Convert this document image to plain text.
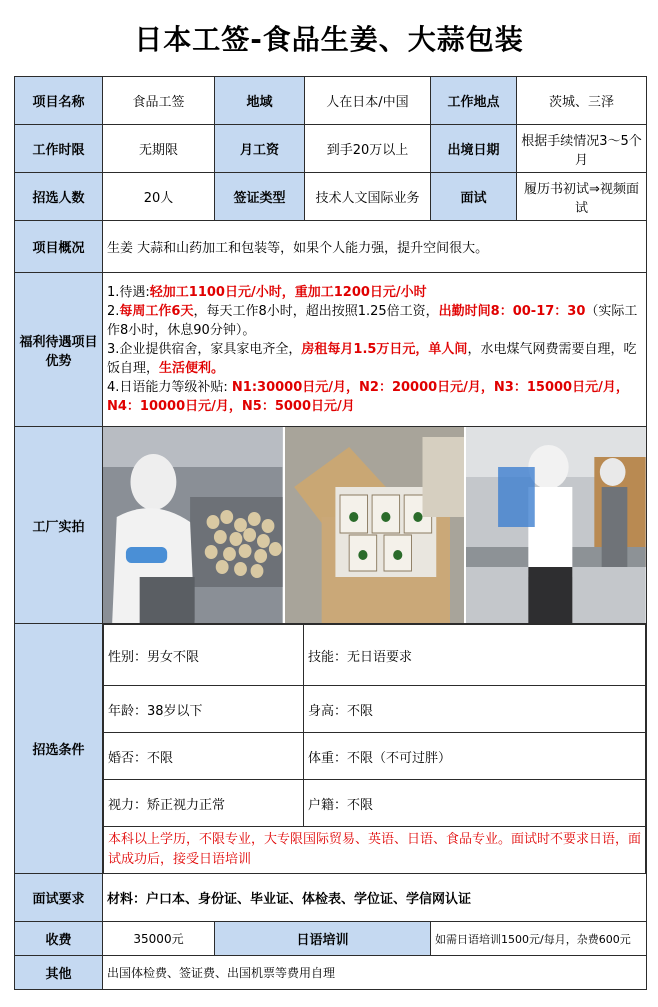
日本工签-食品生姜、大蒜包装
项目名称	食品工签	地域	人在日本/中国	工作地点	茨城、三泽
工作时限	无期限	月工资	到手20万以上	出境日期	根据手续情况3～5个月
招选人数	20人	签证类型	技术人文国际业务	面试	履历书初试⇒视频面试
项目概况	生姜 大蒜和山药加工和包装等，如果个人能力强，提升空间很大。
福利待遇项目优势	
1.待遇:轻加工1100日元/小时，重加工1200日元/小时
2.每周工作6天，每天工作8小时，超出按照1.25倍工资，出勤时间8：00-17：30（实际工作8小时，休息90分钟）。
3.企业提供宿舍，家具家电齐全，房租每月1.5万日元，单人间，水电煤气网费需要自理，吃饭自理，生活便利。
4.日语能力等级补贴: N1:30000日元/月，N2：20000日元/月，N3：15000日元/月，N4：10000日元/月，N5：5000日元/月

工厂实拍	

招选条件	
性别：男女不限	技能：无日语要求
年龄：38岁以下	身高：不限
婚否：不限	体重：不限（不可过胖）
视力：矫正视力正常	户籍：不限
本科以上学历，不限专业，大专限国际贸易、英语、日语、食品专业。面试时不要求日语，面试成功后，接受日语培训

面试要求	材料：户口本、身份证、毕业证、体检表、学位证、学信网认证
收费	35000元	日语培训	如需日语培训1500元/每月，杂费600元
其他	出国体检费、签证费、出国机票等费用自理
